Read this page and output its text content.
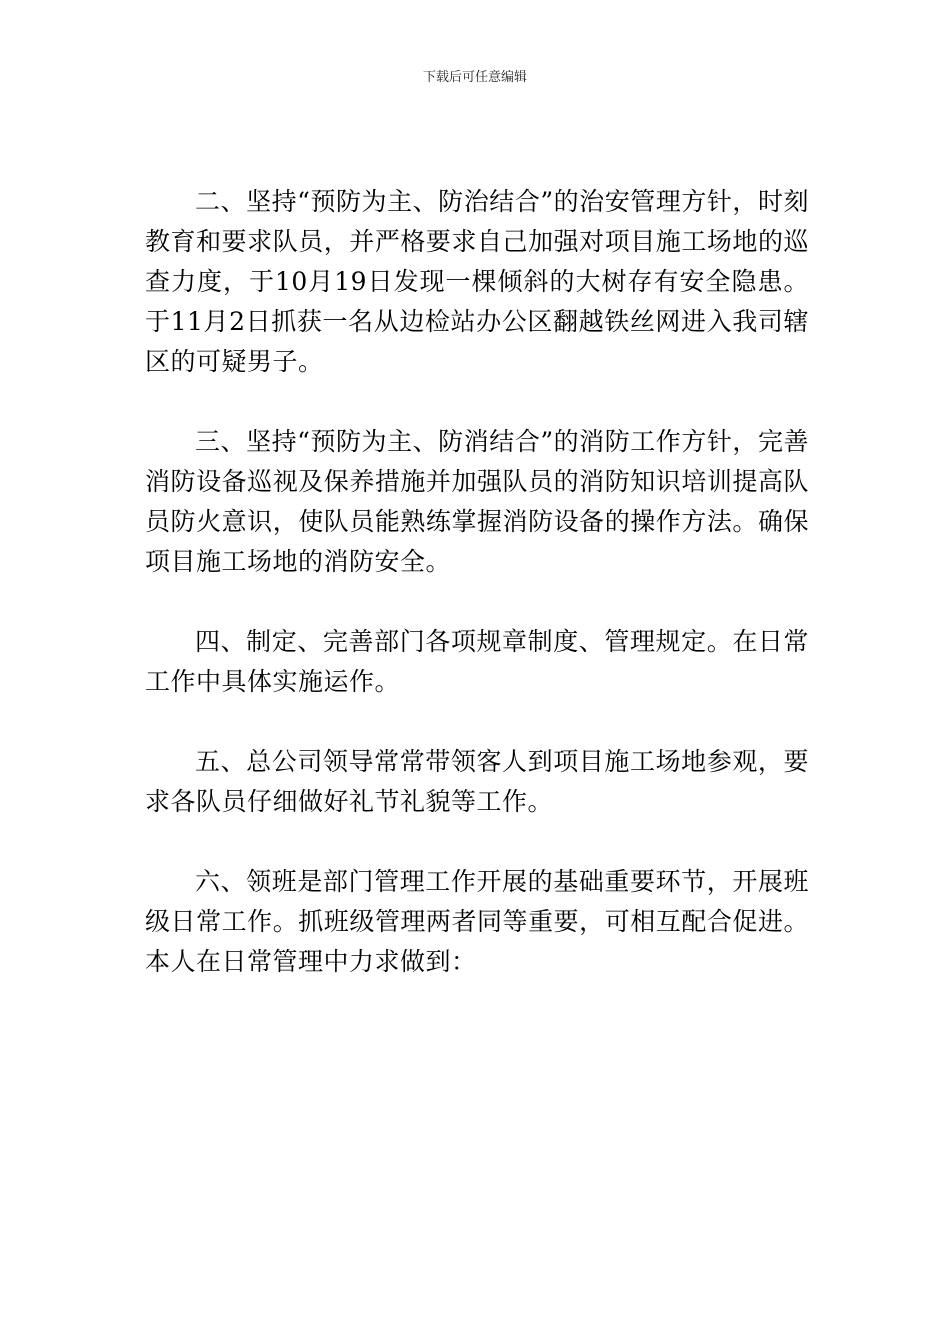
下载后可任意编辑

二、坚持“预防为主、防治结合”的治安管理方针，时刻教育和要求队员，并严格要求自己加强对项目施工场地的巡查力度，于10月19日发现一棵倾斜的大树存有安全隐患。于11月2日抓获一名从边检站办公区翻越铁丝网进入我司辖区的可疑男子。

三、坚持“预防为主、防消结合”的消防工作方针，完善消防设备巡视及保养措施并加强队员的消防知识培训提高队员防火意识，使队员能熟练掌握消防设备的操作方法。确保项目施工场地的消防安全。

四、制定、完善部门各项规章制度、管理规定。在日常工作中具体实施运作。

五、总公司领导常常带领客人到项目施工场地参观，要求各队员仔细做好礼节礼貌等工作。

六、领班是部门管理工作开展的基础重要环节，开展班级日常工作。抓班级管理两者同等重要，可相互配合促进。本人在日常管理中力求做到：
